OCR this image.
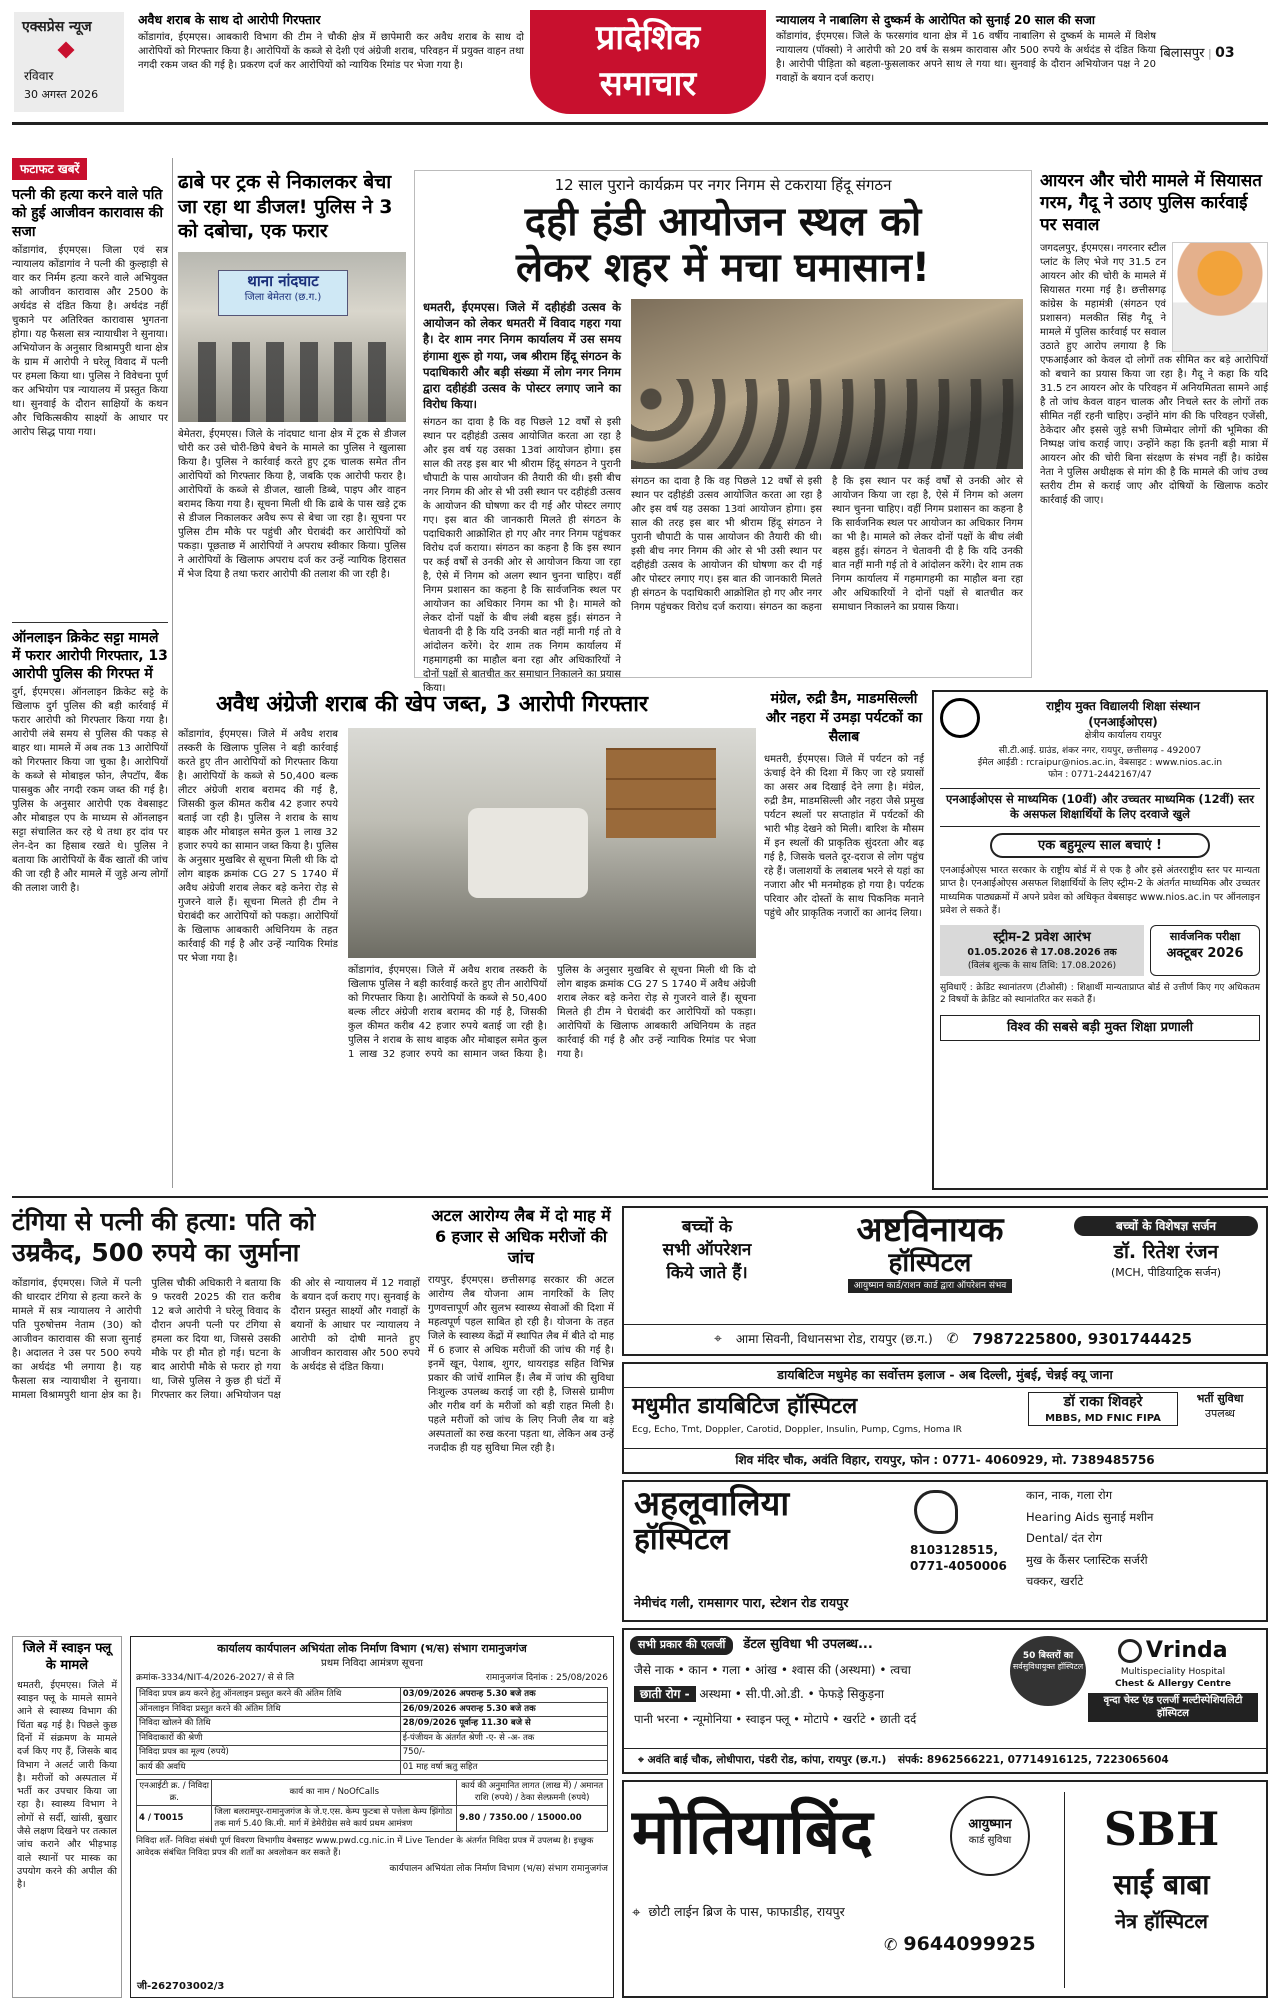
एक्सप्रेस न्यूज
रविवार
30 अगस्त 2026
अवैध शराब के साथ दो आरोपी गिरफ्तार
कोंडागांव, ईएमएस। आबकारी विभाग की टीम ने चौकी क्षेत्र में छापेमारी कर अवैध शराब के साथ दो आरोपियों को गिरफ्तार किया है। आरोपियों के कब्जे से देशी एवं अंग्रेजी शराब, परिवहन में प्रयुक्त वाहन तथा नगदी रकम जब्त की गई है। प्रकरण दर्ज कर आरोपियों को न्यायिक रिमांड पर भेजा गया है।
प्रादेशिक
समाचार
न्यायालय ने नाबालिग से दुष्कर्म के आरोपित को सुनाई 20 साल की सजा
कोंडागांव, ईएमएस। जिले के फरसगांव थाना क्षेत्र में 16 वर्षीय नाबालिग से दुष्कर्म के मामले में विशेष न्यायालय (पॉक्सो) ने आरोपी को 20 वर्ष के सश्रम कारावास और 500 रुपये के अर्थदंड से दंडित किया है। आरोपी पीड़िता को बहला-फुसलाकर अपने साथ ले गया था। सुनवाई के दौरान अभियोजन पक्ष ने 20 गवाहों के बयान दर्ज कराए।
बिलासपुर | 03
फटाफट खबरें
पत्नी की हत्या करने वाले पति को हुई आजीवन कारावास की सजा
कोंडागांव, ईएमएस। जिला एवं सत्र न्यायालय कोंडागांव ने पत्नी की कुल्हाड़ी से वार कर निर्मम हत्या करने वाले अभियुक्त को आजीवन कारावास और 2500 के अर्थदंड से दंडित किया है। अर्थदंड नहीं चुकाने पर अतिरिक्त कारावास भुगतना होगा। यह फैसला सत्र न्यायाधीश ने सुनाया। अभियोजन के अनुसार विश्रामपुरी थाना क्षेत्र के ग्राम में आरोपी ने घरेलू विवाद में पत्नी पर हमला किया था। पुलिस ने विवेचना पूर्ण कर अभियोग पत्र न्यायालय में प्रस्तुत किया था। सुनवाई के दौरान साक्षियों के कथन और चिकित्सकीय साक्ष्यों के आधार पर आरोप सिद्ध पाया गया।
ऑनलाइन क्रिकेट सट्टा मामले में फरार आरोपी गिरफ्तार, 13 आरोपी पुलिस की गिरफ्त में
दुर्ग, ईएमएस। ऑनलाइन क्रिकेट सट्टे के खिलाफ दुर्ग पुलिस की बड़ी कार्रवाई में फरार आरोपी को गिरफ्तार किया गया है। आरोपी लंबे समय से पुलिस की पकड़ से बाहर था। मामले में अब तक 13 आरोपियों को गिरफ्तार किया जा चुका है। आरोपियों के कब्जे से मोबाइल फोन, लैपटॉप, बैंक पासबुक और नगदी रकम जब्त की गई है। पुलिस के अनुसार आरोपी एक वेबसाइट और मोबाइल एप के माध्यम से ऑनलाइन सट्टा संचालित कर रहे थे तथा हर दांव पर लेन-देन का हिसाब रखते थे। पुलिस ने बताया कि आरोपियों के बैंक खातों की जांच की जा रही है और मामले में जुड़े अन्य लोगों की तलाश जारी है।
ढाबे पर ट्रक से निकालकर बेचा जा रहा था डीजल! पुलिस ने 3 को दबोचा, एक फरार
थाना नांदघाट
जिला बेमेतरा (छ.ग.)
बेमेतरा, ईएमएस। जिले के नांदघाट थाना क्षेत्र में ट्रक से डीजल चोरी कर उसे चोरी-छिपे बेचने के मामले का पुलिस ने खुलासा किया है। पुलिस ने कार्रवाई करते हुए ट्रक चालक समेत तीन आरोपियों को गिरफ्तार किया है, जबकि एक आरोपी फरार है। आरोपियों के कब्जे से डीजल, खाली डिब्बे, पाइप और वाहन बरामद किया गया है। सूचना मिली थी कि ढाबे के पास खड़े ट्रक से डीजल निकालकर अवैध रूप से बेचा जा रहा है। सूचना पर पुलिस टीम मौके पर पहुंची और घेराबंदी कर आरोपियों को पकड़ा। पूछताछ में आरोपियों ने अपराध स्वीकार किया। पुलिस ने आरोपियों के खिलाफ अपराध दर्ज कर उन्हें न्यायिक हिरासत में भेज दिया है तथा फरार आरोपी की तलाश की जा रही है।
12 साल पुराने कार्यक्रम पर नगर निगम से टकराया हिंदू संगठन
दही हंडी आयोजन स्थल को
लेकर शहर में मचा घमासान!
धमतरी, ईएमएस। जिले में दहीहंडी उत्सव के आयोजन को लेकर धमतरी में विवाद गहरा गया है। देर शाम नगर निगम कार्यालय में उस समय हंगामा शुरू हो गया, जब श्रीराम हिंदू संगठन के पदाधिकारी और बड़ी संख्या में लोग नगर निगम द्वारा दहीहंडी उत्सव के पोस्टर लगाए जाने का विरोध किया।
संगठन का दावा है कि वह पिछले 12 वर्षों से इसी स्थान पर दहीहंडी उत्सव आयोजित करता आ रहा है और इस वर्ष यह उसका 13वां आयोजन होगा। इस साल की तरह इस बार भी श्रीराम हिंदू संगठन ने पुरानी चौपाटी के पास आयोजन की तैयारी की थी। इसी बीच नगर निगम की ओर से भी उसी स्थान पर दहीहंडी उत्सव के आयोजन की घोषणा कर दी गई और पोस्टर लगाए गए। इस बात की जानकारी मिलते ही संगठन के पदाधिकारी आक्रोशित हो गए और नगर निगम पहुंचकर विरोध दर्ज कराया। संगठन का कहना है कि इस स्थान पर कई वर्षों से उनकी ओर से आयोजन किया जा रहा है, ऐसे में निगम को अलग स्थान चुनना चाहिए। वहीं निगम प्रशासन का कहना है कि सार्वजनिक स्थल पर आयोजन का अधिकार निगम का भी है। मामले को लेकर दोनों पक्षों के बीच लंबी बहस हुई। संगठन ने चेतावनी दी है कि यदि उनकी बात नहीं मानी गई तो वे आंदोलन करेंगे। देर शाम तक निगम कार्यालय में गहमागहमी का माहौल बना रहा और अधिकारियों ने दोनों पक्षों से बातचीत कर समाधान निकालने का प्रयास किया।
संगठन का दावा है कि वह पिछले 12 वर्षों से इसी स्थान पर दहीहंडी उत्सव आयोजित करता आ रहा है और इस वर्ष यह उसका 13वां आयोजन होगा। इस साल की तरह इस बार भी श्रीराम हिंदू संगठन ने पुरानी चौपाटी के पास आयोजन की तैयारी की थी। इसी बीच नगर निगम की ओर से भी उसी स्थान पर दहीहंडी उत्सव के आयोजन की घोषणा कर दी गई और पोस्टर लगाए गए। इस बात की जानकारी मिलते ही संगठन के पदाधिकारी आक्रोशित हो गए और नगर निगम पहुंचकर विरोध दर्ज कराया। संगठन का कहना है कि इस स्थान पर कई वर्षों से उनकी ओर से आयोजन किया जा रहा है, ऐसे में निगम को अलग स्थान चुनना चाहिए। वहीं निगम प्रशासन का कहना है कि सार्वजनिक स्थल पर आयोजन का अधिकार निगम का भी है। मामले को लेकर दोनों पक्षों के बीच लंबी बहस हुई। संगठन ने चेतावनी दी है कि यदि उनकी बात नहीं मानी गई तो वे आंदोलन करेंगे। देर शाम तक निगम कार्यालय में गहमागहमी का माहौल बना रहा और अधिकारियों ने दोनों पक्षों से बातचीत कर समाधान निकालने का प्रयास किया।
आयरन और चोरी मामले में सियासत गरम, गैदू ने उठाए पुलिस कार्रवाई पर सवाल
जगदलपुर, ईएमएस। नगरनार स्टील प्लांट के लिए भेजे गए 31.5 टन आयरन ओर की चोरी के मामले में सियासत गरमा गई है। छत्तीसगढ़ कांग्रेस के महामंत्री (संगठन एवं प्रशासन) मलकीत सिंह गैदू ने मामले में पुलिस कार्रवाई पर सवाल उठाते हुए आरोप लगाया है कि एफआईआर को केवल दो लोगों तक सीमित कर बड़े आरोपियों को बचाने का प्रयास किया जा रहा है। गैदू ने कहा कि यदि 31.5 टन आयरन ओर के परिवहन में अनियमितता सामने आई है तो जांच केवल वाहन चालक और निचले स्तर के लोगों तक सीमित नहीं रहनी चाहिए। उन्होंने मांग की कि परिवहन एजेंसी, ठेकेदार और इससे जुड़े सभी जिम्मेदार लोगों की भूमिका की निष्पक्ष जांच कराई जाए। उन्होंने कहा कि इतनी बड़ी मात्रा में आयरन ओर की चोरी बिना संरक्षण के संभव नहीं है। कांग्रेस नेता ने पुलिस अधीक्षक से मांग की है कि मामले की जांच उच्च स्तरीय टीम से कराई जाए और दोषियों के खिलाफ कठोर कार्रवाई की जाए।
अवैध अंग्रेजी शराब की खेप जब्त, 3 आरोपी गिरफ्तार
कोंडागांव, ईएमएस। जिले में अवैध शराब तस्करी के खिलाफ पुलिस ने बड़ी कार्रवाई करते हुए तीन आरोपियों को गिरफ्तार किया है। आरोपियों के कब्जे से 50,400 बल्क लीटर अंग्रेजी शराब बरामद की गई है, जिसकी कुल कीमत करीब 42 हजार रुपये बताई जा रही है। पुलिस ने शराब के साथ बाइक और मोबाइल समेत कुल 1 लाख 32 हजार रुपये का सामान जब्त किया है। पुलिस के अनुसार मुखबिर से सूचना मिली थी कि दो लोग बाइक क्रमांक CG 27 S 1740 में अवैध अंग्रेजी शराब लेकर बड़े कनेरा रोड़ से गुजरने वाले हैं। सूचना मिलते ही टीम ने घेराबंदी कर आरोपियों को पकड़ा। आरोपियों के खिलाफ आबकारी अधिनियम के तहत कार्रवाई की गई है और उन्हें न्यायिक रिमांड पर भेजा गया है।
कोंडागांव, ईएमएस। जिले में अवैध शराब तस्करी के खिलाफ पुलिस ने बड़ी कार्रवाई करते हुए तीन आरोपियों को गिरफ्तार किया है। आरोपियों के कब्जे से 50,400 बल्क लीटर अंग्रेजी शराब बरामद की गई है, जिसकी कुल कीमत करीब 42 हजार रुपये बताई जा रही है। पुलिस ने शराब के साथ बाइक और मोबाइल समेत कुल 1 लाख 32 हजार रुपये का सामान जब्त किया है। पुलिस के अनुसार मुखबिर से सूचना मिली थी कि दो लोग बाइक क्रमांक CG 27 S 1740 में अवैध अंग्रेजी शराब लेकर बड़े कनेरा रोड़ से गुजरने वाले हैं। सूचना मिलते ही टीम ने घेराबंदी कर आरोपियों को पकड़ा। आरोपियों के खिलाफ आबकारी अधिनियम के तहत कार्रवाई की गई है और उन्हें न्यायिक रिमांड पर भेजा गया है।
मंग्रेल, रुद्री डैम, माडमसिल्ली और नहरा में उमड़ा पर्यटकों का सैलाब
धमतरी, ईएमएस। जिले में पर्यटन को नई ऊंचाई देने की दिशा में किए जा रहे प्रयासों का असर अब दिखाई देने लगा है। मंग्रेल, रुद्री डैम, माडमसिल्ली और नहरा जैसे प्रमुख पर्यटन स्थलों पर सप्ताहांत में पर्यटकों की भारी भीड़ देखने को मिली। बारिश के मौसम में इन स्थलों की प्राकृतिक सुंदरता और बढ़ गई है, जिसके चलते दूर-दराज से लोग पहुंच रहे हैं। जलाशयों के लबालब भरने से यहां का नजारा और भी मनमोहक हो गया है। पर्यटक परिवार और दोस्तों के साथ पिकनिक मनाने पहुंचे और प्राकृतिक नजारों का आनंद लिया।
राष्ट्रीय मुक्त विद्यालयी शिक्षा संस्थान
(एनआईओएस)
क्षेत्रीय कार्यालय रायपुर
सी.टी.आई. ग्राउंड, शंकर नगर, रायपुर, छत्तीसगढ़ - 492007
ईमेल आईडी : rcraipur@nios.ac.in, वेबसाइट : www.nios.ac.in
फोन : 0771-2442167/47
एनआईओएस से माध्यमिक (10वीं) और उच्चतर माध्यमिक (12वीं) स्तर के असफल शिक्षार्थियों के लिए दरवाजे खुले
एक बहुमूल्य साल बचाएं !
एनआईओएस भारत सरकार के राष्ट्रीय बोर्ड में से एक है और इसे अंतरराष्ट्रीय स्तर पर मान्यता प्राप्त है। एनआईओएस असफल शिक्षार्थियों के लिए स्ट्रीम-2 के अंतर्गत माध्यमिक और उच्चतर माध्यमिक पाठ्यक्रमों में अपने प्रवेश को अधिकृत वेबसाइट www.nios.ac.in पर ऑनलाइन प्रवेश ले सकते हैं।
स्ट्रीम-2 प्रवेश आरंभ
01.05.2026 से 17.08.2026 तक
(विलंब शुल्क के साथ तिथि: 17.08.2026)
सार्वजनिक परीक्षा
अक्टूबर 2026
सुविधाएँ : क्रेडिट स्थानांतरण (टीओसी) : शिक्षार्थी मान्यताप्राप्त बोर्ड से उत्तीर्ण किए गए अधिकतम 2 विषयों के क्रेडिट को स्थानांतरित कर सकते हैं।
विश्व की सबसे बड़ी मुक्त शिक्षा प्रणाली
टंगिया से पत्नी की हत्या: पति को
उम्रकैद, 500 रुपये का जुर्माना
कोंडागांव, ईएमएस। जिले में पत्नी की धारदार टंगिया से हत्या करने के मामले में सत्र न्यायालय ने आरोपी पति पुरुषोत्तम नेताम (30) को आजीवन कारावास की सजा सुनाई है। अदालत ने उस पर 500 रुपये का अर्थदंड भी लगाया है। यह फैसला सत्र न्यायाधीश ने सुनाया। मामला विश्रामपुरी थाना क्षेत्र का है। पुलिस चौकी अधिकारी ने बताया कि 9 फरवरी 2025 की रात करीब 12 बजे आरोपी ने घरेलू विवाद के दौरान अपनी पत्नी पर टंगिया से हमला कर दिया था, जिससे उसकी मौके पर ही मौत हो गई। घटना के बाद आरोपी मौके से फरार हो गया था, जिसे पुलिस ने कुछ ही घंटों में गिरफ्तार कर लिया। अभियोजन पक्ष की ओर से न्यायालय में 12 गवाहों के बयान दर्ज कराए गए। सुनवाई के दौरान प्रस्तुत साक्ष्यों और गवाहों के बयानों के आधार पर न्यायालय ने आरोपी को दोषी मानते हुए आजीवन कारावास और 500 रुपये के अर्थदंड से दंडित किया।
अटल आरोग्य लैब में दो माह में 6 हजार से अधिक मरीजों की जांच
रायपुर, ईएमएस। छत्तीसगढ़ सरकार की अटल आरोग्य लैब योजना आम नागरिकों के लिए गुणवत्तापूर्ण और सुलभ स्वास्थ्य सेवाओं की दिशा में महत्वपूर्ण पहल साबित हो रही है। योजना के तहत जिले के स्वास्थ्य केंद्रों में स्थापित लैब में बीते दो माह में 6 हजार से अधिक मरीजों की जांच की गई है। इनमें खून, पेशाब, शुगर, थायराइड सहित विभिन्न प्रकार की जांचें शामिल हैं। लैब में जांच की सुविधा निःशुल्क उपलब्ध कराई जा रही है, जिससे ग्रामीण और गरीब वर्ग के मरीजों को बड़ी राहत मिली है। पहले मरीजों को जांच के लिए निजी लैब या बड़े अस्पतालों का रुख करना पड़ता था, लेकिन अब उन्हें नजदीक ही यह सुविधा मिल रही है।
बच्चों के
सभी ऑपरेशन
किये जाते हैं।
अष्टविनायक
हॉस्पिटल
आयुष्मान कार्ड/राशन कार्ड द्वारा ऑपरेशन संभव
बच्चों के विशेषज्ञ सर्जन
डॉ. रितेश रंजन
(MCH, पीडियाट्रिक सर्जन)
⌖ आमा सिवनी, विधानसभा रोड, रायपुर (छ.ग.) ✆ 7987225800, 9301744425
डायबिटिज मधुमेह का सर्वोत्तम इलाज - अब दिल्ली, मुंबई, चेन्नई क्यू जाना
मधुमीत डायबिटिज हॉस्पिटल
Ecg, Echo, Tmt, Doppler, Carotid, Doppler, Insulin, Pump, Cgms, Homa IR
डॉ राका शिवहरे
MBBS, MD FNIC FIPA
भर्ती सुविधा
उपलब्ध
शिव मंदिर चौक, अवंति विहार, रायपुर, फोन : 0771- 4060929, मो. 7389485756
अहलूवालिया
हॉस्पिटल	8103128515,
0771-4050006
कान, नाक, गला रोग
Hearing Aids सुनाई मशीन
Dental/ दंत रोग
मुख के कैंसर प्लास्टिक सर्जरी
चक्कर, खर्राटे
नेमीचंद गली, रामसागर पारा, स्टेशन रोड रायपुर
जिले में स्वाइन फ्लू के मामले
धमतरी, ईएमएस। जिले में स्वाइन फ्लू के मामले सामने आने से स्वास्थ्य विभाग की चिंता बढ़ गई है। पिछले कुछ दिनों में संक्रमण के मामले दर्ज किए गए हैं, जिसके बाद विभाग ने अलर्ट जारी किया है। मरीजों को अस्पताल में भर्ती कर उपचार किया जा रहा है। स्वास्थ्य विभाग ने लोगों से सर्दी, खांसी, बुखार जैसे लक्षण दिखने पर तत्काल जांच कराने और भीड़भाड़ वाले स्थानों पर मास्क का उपयोग करने की अपील की है।
कार्यालय कार्यपालन अभियंता लोक निर्माण विभाग (भ/स) संभाग रामानुजगंज
प्रथम निविदा आमंत्रण सूचना
क्रमांक-3334/NIT-4/2026-2027/ से से लि	रामानुजगंज दिनांक : 25/08/2026
निविदा प्रपत्र क्रय करने हेतु ऑनलाइन प्रस्तुत करने की अंतिम तिथि	03/09/2026 अपरान्ह 5.30 बजे तक
ऑनलाइन निविदा प्रस्तुत करने की अंतिम तिथि	26/09/2026 अपरान्ह 5.30 बजे तक
निविदा खोलने की तिथि	28/09/2026 पूर्वान्ह 11.30 बजे से
निविदाकारों की श्रेणी	ई-पंजीयन के अंतर्गत श्रेणी -ए- से -अ- तक
निविदा प्रपत्र का मूल्य (रुपये)	750/-
कार्य की अवधि	01 माह वर्षा ऋतु सहित
एनआईटी क्र. / निविदा क्र.	कार्य का नाम / NoOfCalls	कार्य की अनुमानित लागत (लाख में) / अमानत राशि (रुपये) / ठेका सेल्फ़मनी (रुपये)
4 / T0015	जिला बलरामपुर-रामानुजगंज के जे.ए.एस. केम्प फुटबा से पत्तेला केम्प झिंगोठा तक मार्ग 5.40 कि.मी. मार्ग में डेमेरीग्रेस सवे कार्य प्रथम आमंत्रण	9.80 / 7350.00 / 15000.00
निविदा शर्तें- निविदा संबंधी पूर्ण विवरण विभागीय वेबसाइट www.pwd.cg.nic.in में Live Tender के अंतर्गत निविदा प्रपत्र में उपलब्ध है। इच्छुक आवेदक संबंधित निविदा प्रपत्र की शर्तों का अवलोकन कर सकते हैं।
कार्यपालन अभियंता लोक निर्माण विभाग (भ/स) संभाग रामानुजगंज
जी-262703002/3
सभी प्रकार की एलर्जी	डेंटल सुविधा भी उपलब्ध...
जैसे नाक • कान • गला • आंख • श्वास की (अस्थमा) • त्वचा
छाती रोग - अस्थमा • सी.पी.ओ.डी. • फेफड़े सिकुड़ना
पानी भरना • न्यूमोनिया • स्वाइन फ्लू • मोटापे • खर्राटे • छाती दर्द
50 बिस्तरों का
सर्वसुविधायुक्त हॉस्पिटल
Vrinda
Multispeciality Hospital
Chest & Allergy Centre
वृन्दा चेस्ट एंड एलर्जी मल्टीस्पेशियलिटी हॉस्पिटल
⌖ अवंति बाई चौक, लोधीपारा, पंडरी रोड, कांपा, रायपुर (छ.ग.) संपर्क: 8962566221, 07714916125, 7223065604
मोतियाबिंद	आयुष्मान
कार्ड सुविधा
⌖ छोटी लाईन ब्रिज के पास, फाफाडीह, रायपुर
✆ 9644099925
SBH
साईं बाबा
नेत्र हॉस्पिटल
